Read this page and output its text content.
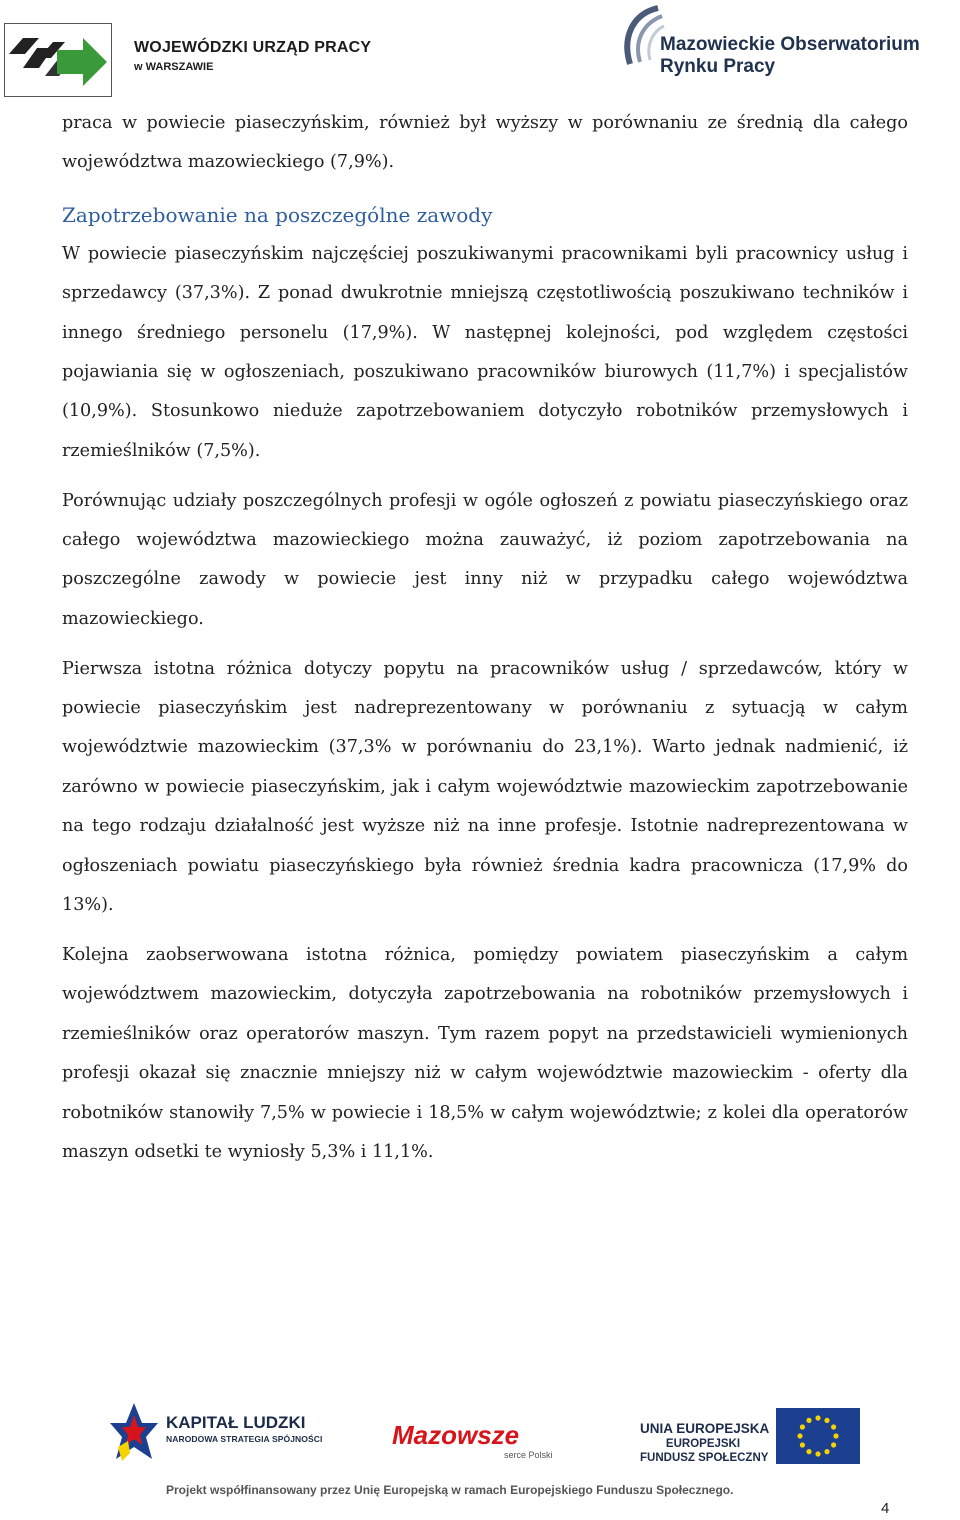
WOJEWÓDZKI URZĄD PRACY
w WARSZAWIE
Mazowieckie Obserwatorium
Rynku Pracy

praca w powiecie piaseczyńskim, również był wyższy w porównaniu ze średnią dla całego województwa mazowieckiego (7,9%).

Zapotrzebowanie na poszczególne zawody

W powiecie piaseczyńskim najczęściej poszukiwanymi pracownikami byli pracownicy usług i sprzedawcy (37,3%). Z ponad dwukrotnie mniejszą częstotliwością poszukiwano techników i innego średniego personelu (17,9%). W następnej kolejności, pod względem częstości pojawiania się w ogłoszeniach, poszukiwano pracowników biurowych (11,7%) i specjalistów (10,9%). Stosunkowo nieduże zapotrzebowaniem dotyczyło robotników przemysłowych i rzemieślników (7,5%).

Porównując udziały poszczególnych profesji w ogóle ogłoszeń z powiatu piaseczyńskiego oraz całego województwa mazowieckiego można zauważyć, iż poziom zapotrzebowania na poszczególne zawody w powiecie jest inny niż w przypadku całego województwa mazowieckiego.

Pierwsza istotna różnica dotyczy popytu na pracowników usług / sprzedawców, który w powiecie piaseczyńskim jest nadreprezentowany w porównaniu z sytuacją w całym województwie mazowieckim (37,3% w porównaniu do 23,1%). Warto jednak nadmienić, iż zarówno w powiecie piaseczyńskim, jak i całym województwie mazowieckim zapotrzebowanie na tego rodzaju działalność jest wyższe niż na inne profesje. Istotnie nadreprezentowana w ogłoszeniach powiatu piaseczyńskiego była również średnia kadra pracownicza (17,9% do 13%).

Kolejna zaobserwowana istotna różnica, pomiędzy powiatem piaseczyńskim a całym województwem mazowieckim, dotyczyła zapotrzebowania na robotników przemysłowych i rzemieślników oraz operatorów maszyn. Tym razem popyt na przedstawicieli wymienionych profesji okazał się znacznie mniejszy niż w całym województwie mazowieckim - oferty dla robotników stanowiły 7,5% w powiecie i 18,5% w całym województwie; z kolei dla operatorów maszyn odsetki te wyniosły 5,3% i 11,1%.

KAPITAŁ LUDZKI
NARODOWA STRATEGIA SPÓJNOŚCI	Mazowsze
serce Polski
UNIA EUROPEJSKA
EUROPEJSKI
FUNDUSZ SPOŁECZNY
Projekt współfinansowany przez Unię Europejską w ramach Europejskiego Funduszu Społecznego.
4
